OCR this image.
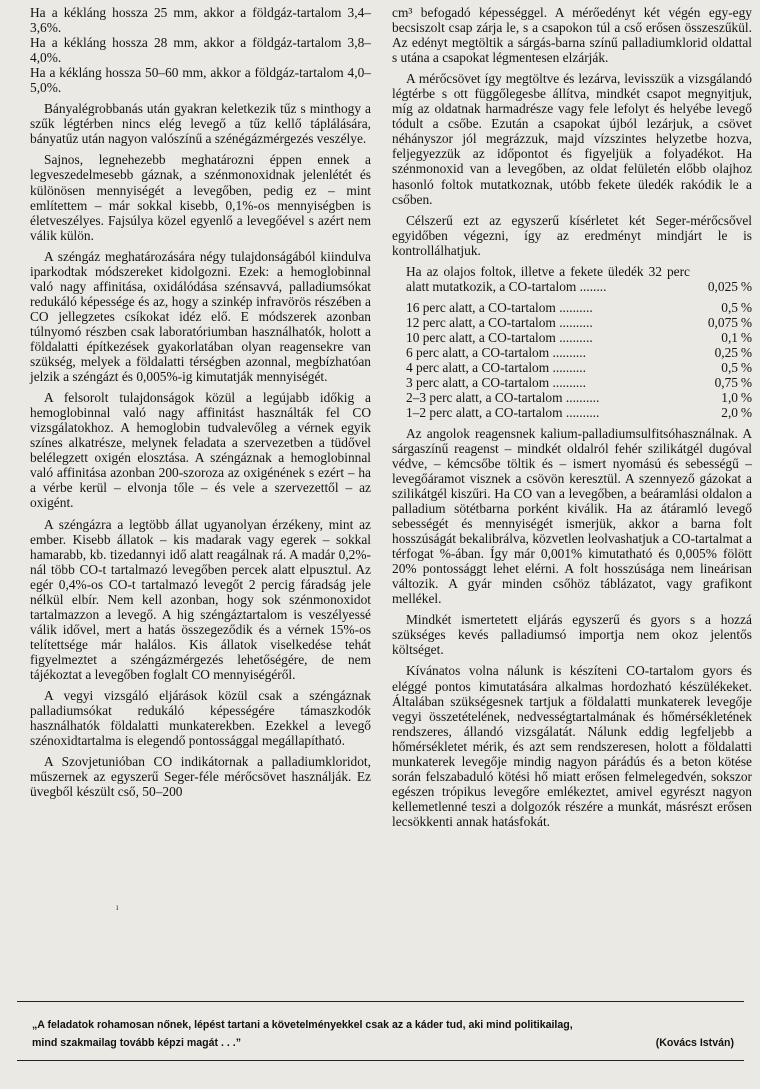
Ha a kékláng hossza 25 mm, akkor a földgáz-tartalom 3,4–3,6%.

Ha a kékláng hossza 28 mm, akkor a földgáz-tartalom 3,8–4,0%.

Ha a kékláng hossza 50–60 mm, akkor a földgáz-tartalom 4,0–5,0%.

Bányalégrobbanás után gyakran keletkezik tűz s minthogy a szűk légtérben nincs elég levegő a tűz kellő táplálására, bányatűz után nagyon valószínű a szénégázmérgezés veszélye.

Sajnos, legnehezebb meghatározni éppen ennek a legveszedelmesebb gáznak, a szénmonoxidnak jelenlétét és különösen mennyiségét a levegőben, pedig ez – mint említettem – már sokkal kisebb, 0,1%-os mennyiségben is életveszélyes. Fajsúlya közel egyenlő a levegőével s azért nem válik külön.

A széngáz meghatározására négy tulajdonságából kiindulva iparkodtak módszereket kidolgozni. Ezek: a hemoglobinnal való nagy affinitása, oxidálódása szénsavvá, palladiumsókat redukáló képessége és az, hogy a szinkép infravörös részében a CO jellegzetes csíkokat idéz elő. E módszerek azonban túlnyomó részben csak laboratóriumban használhatók, holott a földalatti építkezések gyakorlatában olyan reagensekre van szükség, melyek a földalatti térségben azonnal, megbízhatóan jelzik a széngázt és 0,005%-ig kimutatják mennyiségét.

A felsorolt tulajdonságok közül a legújabb időkig a hemoglobinnal való nagy affinitást használták fel CO vizsgálatokhoz. A hemoglobin tudvalevőleg a vérnek egyik színes alkatrésze, melynek feladata a szervezetben a tüdővel belélegzett oxigén elosztása. A széngáznak a hemoglobinnal való affinitása azonban 200-szoroza az oxigénének s ezért – ha a vérbe kerül – elvonja tőle – és vele a szervezettől – az oxigént.

A széngázra a legtöbb állat ugyanolyan érzékeny, mint az ember. Kisebb állatok – kis madarak vagy egerek – sokkal hamarabb, kb. tizedannyi idő alatt reagálnak rá. A madár 0,2%-nál több CO-t tartalmazó levegőben percek alatt elpusztul. Az egér 0,4%-os CO-t tartalmazó levegőt 2 percig fáradság jele nélkül elbír. Nem kell azonban, hogy sok szénmonoxidot tartalmazzon a levegő. A hig széngáztartalom is veszélyessé válik idővel, mert a hatás összegeződik és a vérnek 15%-os telítettsége már halálos. Kis állatok viselkedése tehát figyelmeztet a széngázmérgezés lehetőségére, de nem tájékoztat a levegőben foglalt CO mennyiségéről.

A vegyi vizsgáló eljárások közül csak a széngáznak palladiumsókat redukáló képességére támaszkodók használhatók földalatti munkaterekben. Ezekkel a levegő szénoxidtartalma is elegendő pontossággal megállapítható.

A Szovjetunióban CO indikátornak a palladiumkloridot, műszernek az egyszerű Seger-féle mérőcsövet használják. Ez üvegből készült cső, 50–200

cm³ befogadó képességgel. A mérőedényt két végén egy-egy becsiszolt csap zárja le, s a csapokon túl a cső erősen összeszűkül. Az edényt megtöltik a sárgás-barna színű palladiumklorid oldattal s utána a csapokat légmentesen elzárják.

A mérőcsövet így megtöltve és lezárva, levisszük a vizsgálandó légtérbe s ott függőlegesbe állítva, mindkét csapot megnyitjuk, míg az oldatnak harmadrésze vagy fele lefolyt és helyébe levegő tódult a csőbe. Ezután a csapokat újból lezárjuk, a csövet néhányszor jól megrázzuk, majd vízszintes helyzetbe hozva, feljegyezzük az időpontot és figyeljük a folyadékot. Ha szénmonoxid van a levegőben, az oldat felületén előbb olajhoz hasonló foltok mutatkoznak, utóbb fekete üledék rakódik le a csőben.

Célszerű ezt az egyszerű kísérletet két Seger-mérőcsővel egyidőben végezni, így az eredményt mindjárt le is kontrollálhatjuk.

Ha az olajos foltok, illetve a fekete üledék 32 perc alatt mutatkozik, a CO-tartalom ........	0,025	%
16 perc alatt, a CO-tartalom ..........	0,5	%
12 perc alatt, a CO-tartalom ..........	0,075	%
10 perc alatt, a CO-tartalom ..........	0,1	%
6 perc alatt, a CO-tartalom ..........	0,25	%
4 perc alatt, a CO-tartalom ..........	0,5	%
3 perc alatt, a CO-tartalom ..........	0,75	%
2–3 perc alatt, a CO-tartalom ..........	1,0	%
1–2 perc alatt, a CO-tartalom ..........	2,0	%

Az angolok reagensnek kalium-palladiumsulfitsóhasználnak. A sárgaszínű reagenst – mindkét oldalról fehér szilikátgél dugóval védve, – kémcsőbe töltik és – ismert nyomású és sebességű – levegőáramot visznek a csövön keresztül. A szennyező gázokat a szilikátgél kiszűri. Ha CO van a levegőben, a beáramlási oldalon a palladium sötétbarna porként kiválik. Ha az átáramló levegő sebességét és mennyiségét ismerjük, akkor a barna folt hosszúságát bekalibrálva, közvetlen leolvashatjuk a CO-tartalmat a térfogat %-ában. Így már 0,001% kimutatható és 0,005% fölött 20% pontossággt lehet elérni. A folt hosszúsága nem lineárisan változik. A gyár minden csőhöz táblázatot, vagy grafikont mellékel.

Mindkét ismertetett eljárás egyszerű és gyors s a hozzá szükséges kevés palladiumsó importja nem okoz jelentős költséget.

Kívánatos volna nálunk is készíteni CO-tartalom gyors és eléggé pontos kimutatására alkalmas hordozható készülékeket. Általában szükségesnek tartjuk a földalatti munkaterek levegője vegyi összetételének, nedvességtartalmának és hőmérsékletének rendszeres, állandó vizsgálatát. Nálunk eddig legfeljebb a hőmérsékletet mérik, és azt sem rendszeresen, holott a földalatti munkaterek levegője mindig nagyon párádús és a beton kötése során felszabaduló kötési hő miatt erősen felmelegedvén, sokszor egészen trópikus levegőre emlékeztet, amivel egyrészt nagyon kellemetlenné teszi a dolgozók részére a munkát, másrészt erősen lecsökkenti annak hatásfokát.

ı
„A feladatok rohamosan nőnek, lépést tartani a követelményekkel csak az a káder tud, aki mind politikailag,
mind szakmailag tovább képzi magát . . .”	(Kovács István)
